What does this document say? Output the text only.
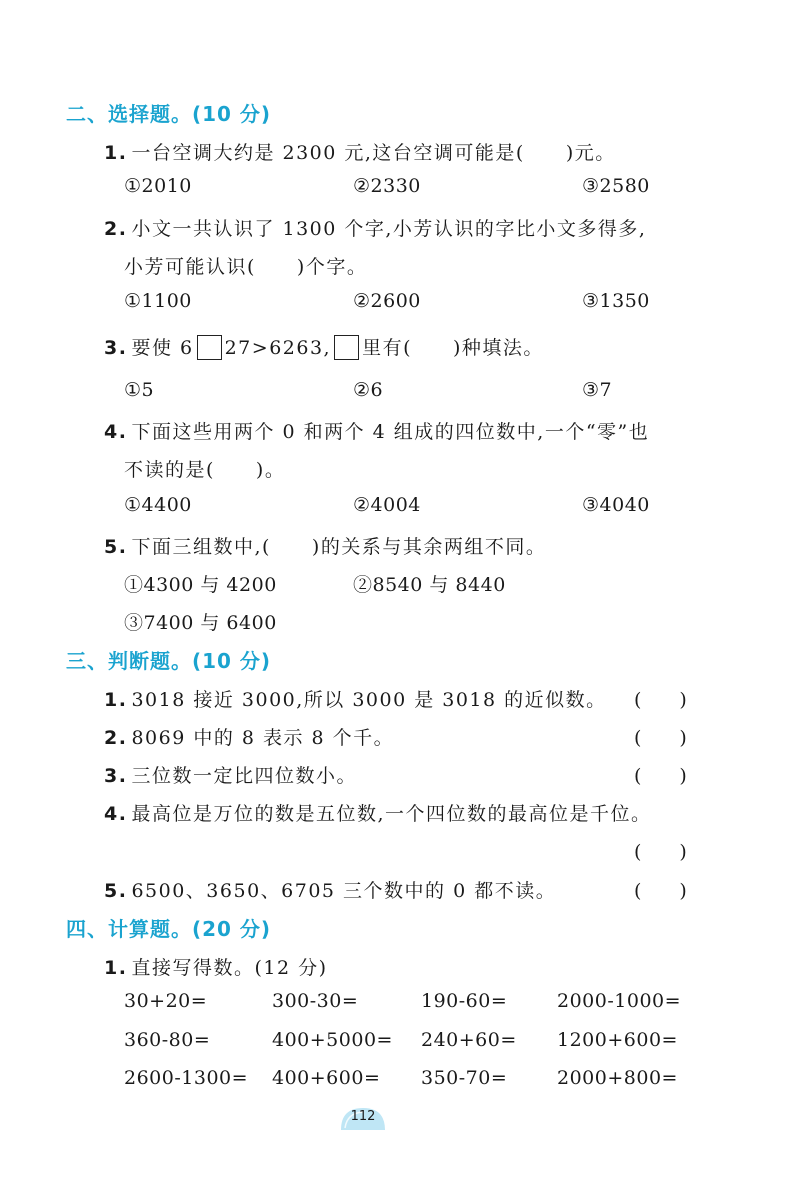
二、选择题。(10 分)
1. 一台空调大约是 2300 元,这台空调可能是(　　)元。
①2010	②2330	③2580
2. 小文一共认识了 1300 个字,小芳认识的字比小文多得多,
小芳可能认识(　　)个字。
①1100	②2600	③1350
3. 要使 6 27>6263, 里有(　　)种填法。
①5	②6	③7
4. 下面这些用两个 0 和两个 4 组成的四位数中,一个“零”也
不读的是(　　)。
①4400	②4004	③4040
5. 下面三组数中,(　　)的关系与其余两组不同。
①4300 与 4200	②8540 与 8440
③7400 与 6400
三、判断题。(10 分)
1. 3018 接近 3000,所以 3000 是 3018 的近似数。 (　　)
2. 8069 中的 8 表示 8 个千。	(　　)
3. 三位数一定比四位数小。	(　　)
4. 最高位是万位的数是五位数,一个四位数的最高位是千位。
(　　)
5. 6500、3650、6705 三个数中的 0 都不读。	(　　)
四、计算题。(20 分)
1. 直接写得数。(12 分)
30+20=	300-30=	190-60=	2000-1000=
360-80=	400+5000= 240+60= 1200+600=
2600-1300= 400+600= 350-70=	2000+800=
112
